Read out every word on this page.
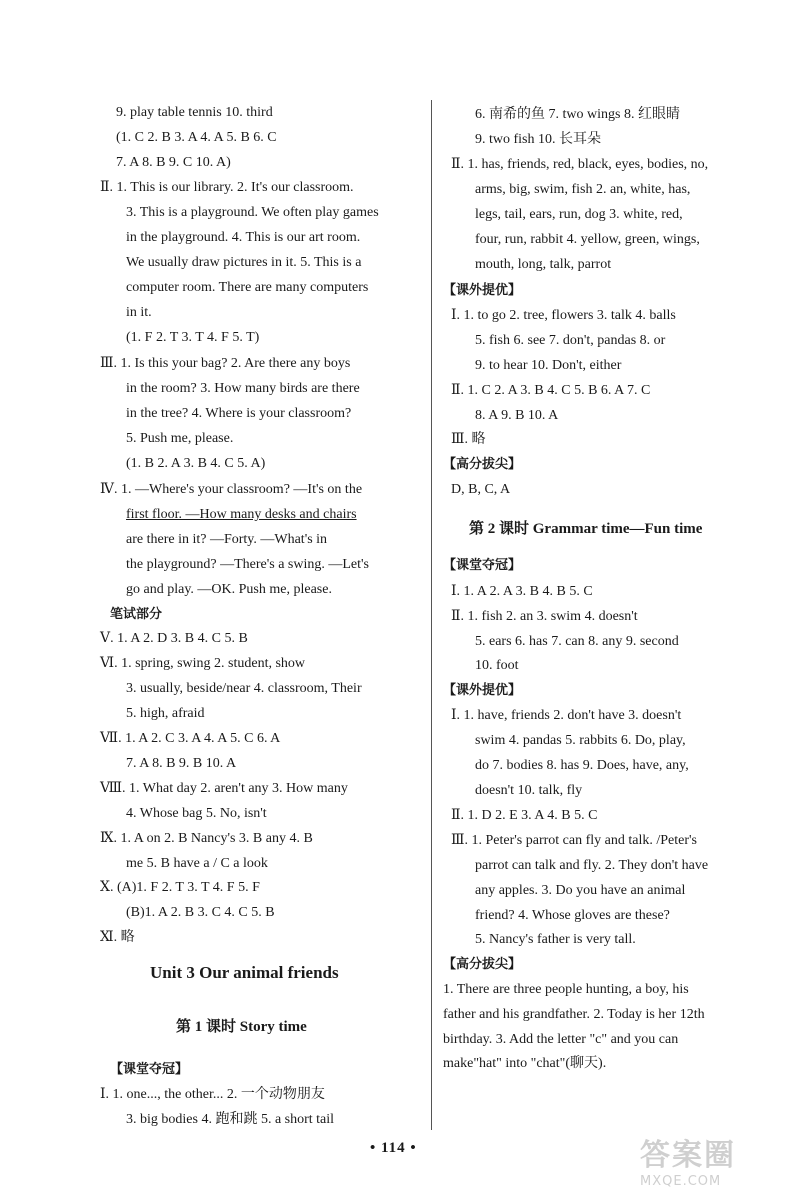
9. play table tennis 10. third
(1. C 2. B 3. A 4. A 5. B 6. C
7. A 8. B 9. C 10. A)
Ⅱ. 1. This is our library. 2. It's our classroom.
3. This is a playground. We often play games
in the playground. 4. This is our art room.
We usually draw pictures in it. 5. This is a
computer room. There are many computers
in it.
(1. F 2. T 3. T 4. F 5. T)
Ⅲ. 1. Is this your bag? 2. Are there any boys
in the room? 3. How many birds are there
in the tree? 4. Where is your classroom?
5. Push me, please.
(1. B 2. A 3. B 4. C 5. A)
Ⅳ. 1. —Where's your classroom? —It's on the
first floor. —How many desks and chairs
are there in it? —Forty. —What's in
the playground? —There's a swing. —Let's
go and play. —OK. Push me, please.
笔试部分
Ⅴ. 1. A 2. D 3. B 4. C 5. B
Ⅵ. 1. spring, swing 2. student, show
3. usually, beside/near 4. classroom, Their
5. high, afraid
Ⅶ. 1. A 2. C 3. A 4. A 5. C 6. A
7. A 8. B 9. B 10. A
Ⅷ. 1. What day 2. aren't any 3. How many
4. Whose bag 5. No, isn't
Ⅸ. 1. A on 2. B Nancy's 3. B any 4. B
me 5. B have a / C a look
Ⅹ. (A)1. F 2. T 3. T 4. F 5. F
(B)1. A 2. B 3. C 4. C 5. B
Ⅺ. 略
Unit 3 Our animal friends
第 1 课时 Story time
【课堂夺冠】
Ⅰ. 1. one..., the other... 2. 一个动物朋友
3. big bodies 4. 跑和跳 5. a short tail
6. 南希的鱼 7. two wings 8. 红眼睛
9. two fish 10. 长耳朵
Ⅱ. 1. has, friends, red, black, eyes, bodies, no,
arms, big, swim, fish 2. an, white, has,
legs, tail, ears, run, dog 3. white, red,
four, run, rabbit 4. yellow, green, wings,
mouth, long, talk, parrot
【课外提优】
Ⅰ. 1. to go 2. tree, flowers 3. talk 4. balls
5. fish 6. see 7. don't, pandas 8. or
9. to hear 10. Don't, either
Ⅱ. 1. C 2. A 3. B 4. C 5. B 6. A 7. C
8. A 9. B 10. A
Ⅲ. 略
【高分拔尖】
D, B, C, A
第 2 课时 Grammar time—Fun time
【课堂夺冠】
Ⅰ. 1. A 2. A 3. B 4. B 5. C
Ⅱ. 1. fish 2. an 3. swim 4. doesn't
5. ears 6. has 7. can 8. any 9. second
10. foot
【课外提优】
Ⅰ. 1. have, friends 2. don't have 3. doesn't
swim 4. pandas 5. rabbits 6. Do, play,
do 7. bodies 8. has 9. Does, have, any,
doesn't 10. talk, fly
Ⅱ. 1. D 2. E 3. A 4. B 5. C
Ⅲ. 1. Peter's parrot can fly and talk. /Peter's
parrot can talk and fly. 2. They don't have
any apples. 3. Do you have an animal
friend? 4. Whose gloves are these?
5. Nancy's father is very tall.
【高分拔尖】
1. There are three people hunting, a boy, his
father and his grandfather. 2. Today is her 12th
birthday. 3. Add the letter "c" and you can
make"hat" into "chat"(聊天).
• 114 •	答案圈
MXQE.COM
